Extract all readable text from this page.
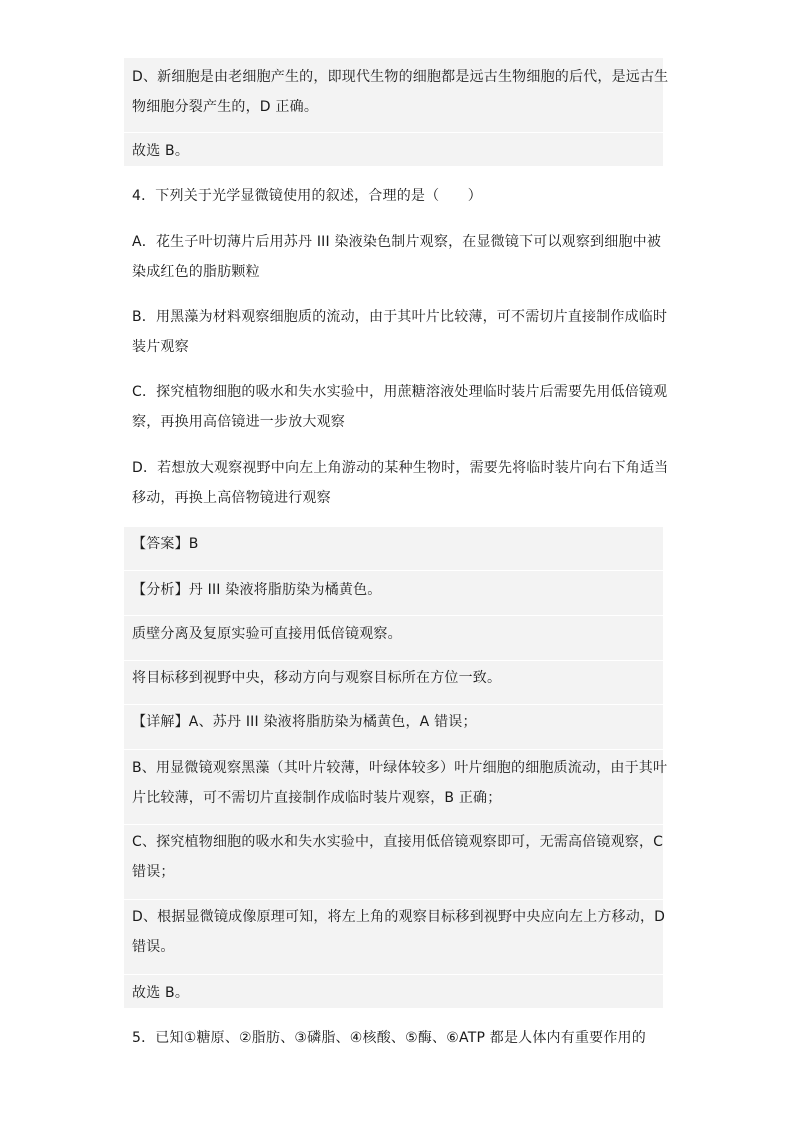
D、新细胞是由老细胞产生的，即现代生物的细胞都是远古生物细胞的后代，是远古生
物细胞分裂产生的，D 正确。
故选 B。
4．下列关于光学显微镜使用的叙述，合理的是（　　）
A．花生子叶切薄片后用苏丹 III 染液染色制片观察，在显微镜下可以观察到细胞中被
染成红色的脂肪颗粒
B．用黑藻为材料观察细胞质的流动，由于其叶片比较薄，可不需切片直接制作成临时
装片观察
C．探究植物细胞的吸水和失水实验中，用蔗糖溶液处理临时装片后需要先用低倍镜观
察，再换用高倍镜进一步放大观察
D．若想放大观察视野中向左上角游动的某种生物时，需要先将临时装片向右下角适当
移动，再换上高倍物镜进行观察
【答案】B
【分析】丹 III 染液将脂肪染为橘黄色。
质壁分离及复原实验可直接用低倍镜观察。
将目标移到视野中央，移动方向与观察目标所在方位一致。
【详解】A、苏丹 III 染液将脂肪染为橘黄色，A 错误；
B、用显微镜观察黑藻（其叶片较薄，叶绿体较多）叶片细胞的细胞质流动，由于其叶
片比较薄，可不需切片直接制作成临时装片观察，B 正确；
C、探究植物细胞的吸水和失水实验中，直接用低倍镜观察即可，无需高倍镜观察，C
错误；
D、根据显微镜成像原理可知，将左上角的观察目标移到视野中央应向左上方移动，D
错误。
故选 B。
5．已知①糖原、②脂肪、③磷脂、④核酸、⑤酶、⑥ATP 都是人体内有重要作用的
